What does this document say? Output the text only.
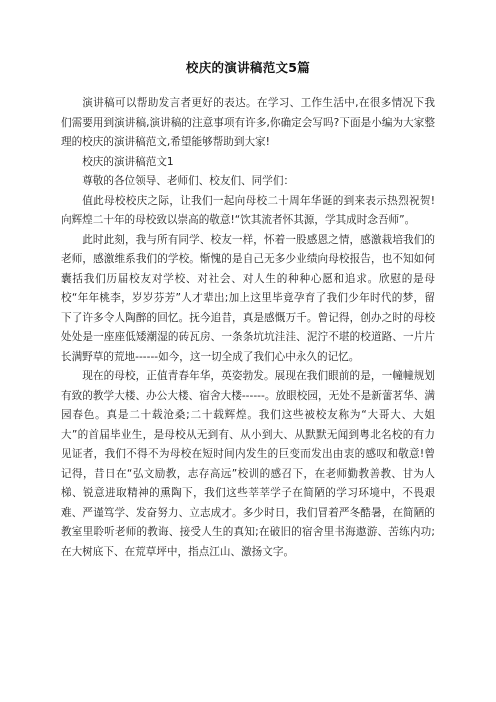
校庆的演讲稿范文5篇

演讲稿可以帮助发言者更好的表达。在学习、工作生活中,在很多情况下我们需要用到演讲稿,演讲稿的注意事项有许多,你确定会写吗?下面是小编为大家整理的校庆的演讲稿范文,希望能够帮助到大家!

校庆的演讲稿范文1

尊敬的各位领导、老师们、校友们、同学们：

值此母校校庆之际，让我们一起向母校二十周年华诞的到来表示热烈祝贺!向辉煌二十年的母校致以崇高的敬意!“饮其流者怀其源，学其成时念吾师”。

此时此刻，我与所有同学、校友一样，怀着一股感恩之情，感激栽培我们的老师，感激维系我们的学校。惭愧的是自己无多少业绩向母校报告，也不知如何囊括我们历届校友对学校、对社会、对人生的种种心愿和追求。欣慰的是母校“年年桃李，岁岁芬芳”人才辈出;加上这里毕竟孕育了我们少年时代的梦，留下了许多令人陶醉的回忆。抚今追昔，真是感慨万千。曾记得，创办之时的母校处处是一座座低矮潮湿的砖瓦房、一条条坑坑洼洼、泥泞不堪的校道路、一片片长满野草的荒地------如今，这一切全成了我们心中永久的记忆。

现在的母校，正值青春年华，英姿勃发。展现在我们眼前的是，一幢幢规划有致的教学大楼、办公大楼、宿舍大楼------。放眼校园，无处不是新蕾茗华、满园春色。真是二十载沧桑;二十载辉煌。我们这些被校友称为“大哥大、大姐大”的首届毕业生，是母校从无到有、从小到大、从默默无闻到粤北名校的有力见证者，我们不得不为母校在短时间内发生的巨变而发出由衷的感叹和敬意!曾记得，昔日在“弘文励教，志存高远”校训的感召下，在老师勤教善教、甘为人梯、锐意进取精神的熏陶下，我们这些莘莘学子在简陋的学习环境中，不畏艰难、严谨笃学、发奋努力、立志成才。多少时日，我们冒着严冬酷暑，在简陋的教室里聆听老师的教诲、接受人生的真知;在破旧的宿舍里书海遨游、苦练内功;在大树底下、在荒草坪中，指点江山、激扬文字。
